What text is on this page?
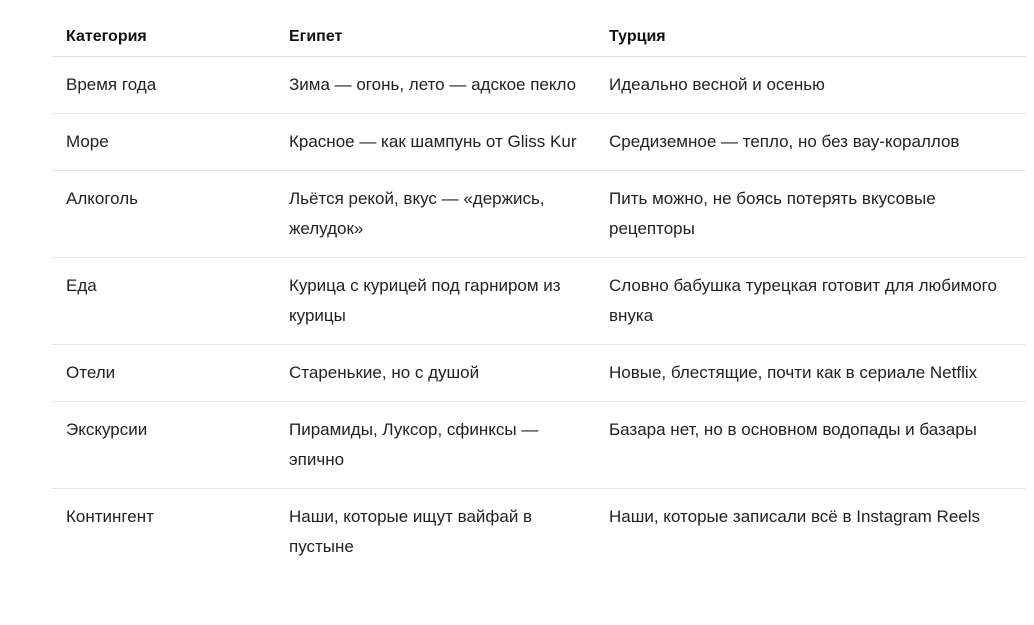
Категория	Египет	Турция
Время года	Зима — огонь, лето — адское пекло	Идеально весной и осенью
Море	Красное — как шампунь от Gliss Kur	Средиземное — тепло, но без вау-кораллов
Алкоголь	Льётся рекой, вкус — «держись, желудок»	Пить можно, не боясь потерять вкусовые рецепторы
Еда	Курица с курицей под гарниром из курицы	Словно бабушка турецкая готовит для любимого внука
Отели	Старенькие, но с душой	Новые, блестящие, почти как в сериале Netflix
Экскурсии	Пирамиды, Луксор, сфинксы — эпично	Базара нет, но в основном водопады и базары
Контингент	Наши, которые ищут вайфай в пустыне	Наши, которые записали всё в Instagram Reels
